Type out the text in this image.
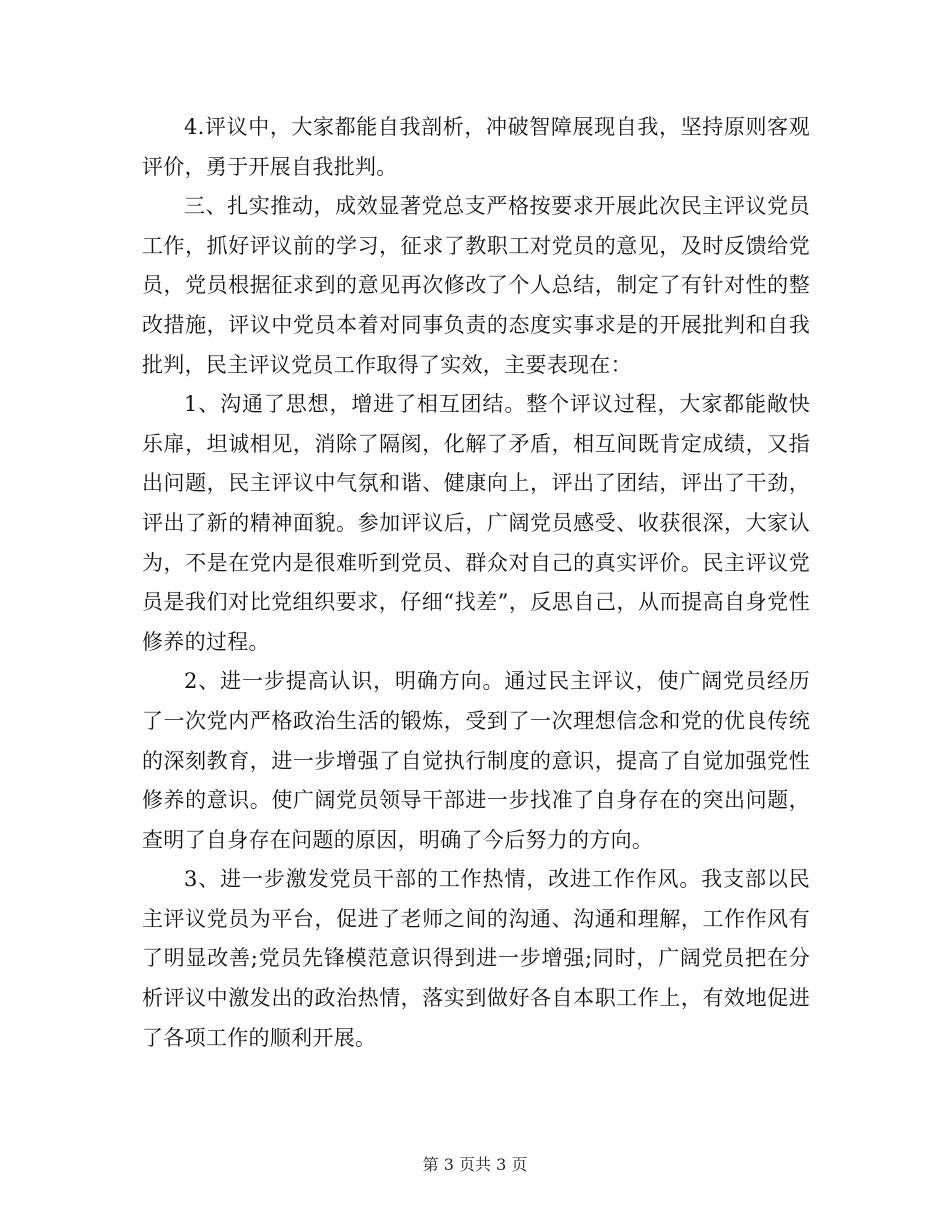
4.评议中，大家都能自我剖析，冲破智障展现自我，坚持原则客观评价，勇于开展自我批判。

三、扎实推动，成效显著党总支严格按要求开展此次民主评议党员工作，抓好评议前的学习，征求了教职工对党员的意见，及时反馈给党员，党员根据征求到的意见再次修改了个人总结，制定了有针对性的整改措施，评议中党员本着对同事负责的态度实事求是的开展批判和自我批判，民主评议党员工作取得了实效，主要表现在：

1、沟通了思想，增进了相互团结。整个评议过程，大家都能敞快乐扉，坦诚相见，消除了隔阂，化解了矛盾，相互间既肯定成绩，又指出问题，民主评议中气氛和谐、健康向上，评出了团结，评出了干劲，评出了新的精神面貌。参加评议后，广阔党员感受、收获很深，大家认为，不是在党内是很难听到党员、群众对自己的真实评价。民主评议党员是我们对比党组织要求，仔细“找差”，反思自己，从而提高自身党性修养的过程。

2、进一步提高认识，明确方向。通过民主评议，使广阔党员经历了一次党内严格政治生活的锻炼，受到了一次理想信念和党的优良传统的深刻教育，进一步增强了自觉执行制度的意识，提高了自觉加强党性修养的意识。使广阔党员领导干部进一步找准了自身存在的突出问题，查明了自身存在问题的原因，明确了今后努力的方向。

3、进一步激发党员干部的工作热情，改进工作作风。我支部以民主评议党员为平台，促进了老师之间的沟通、沟通和理解，工作作风有了明显改善;党员先锋模范意识得到进一步增强;同时，广阔党员把在分析评议中激发出的政治热情，落实到做好各自本职工作上，有效地促进了各项工作的顺利开展。

第 3 页共 3 页
